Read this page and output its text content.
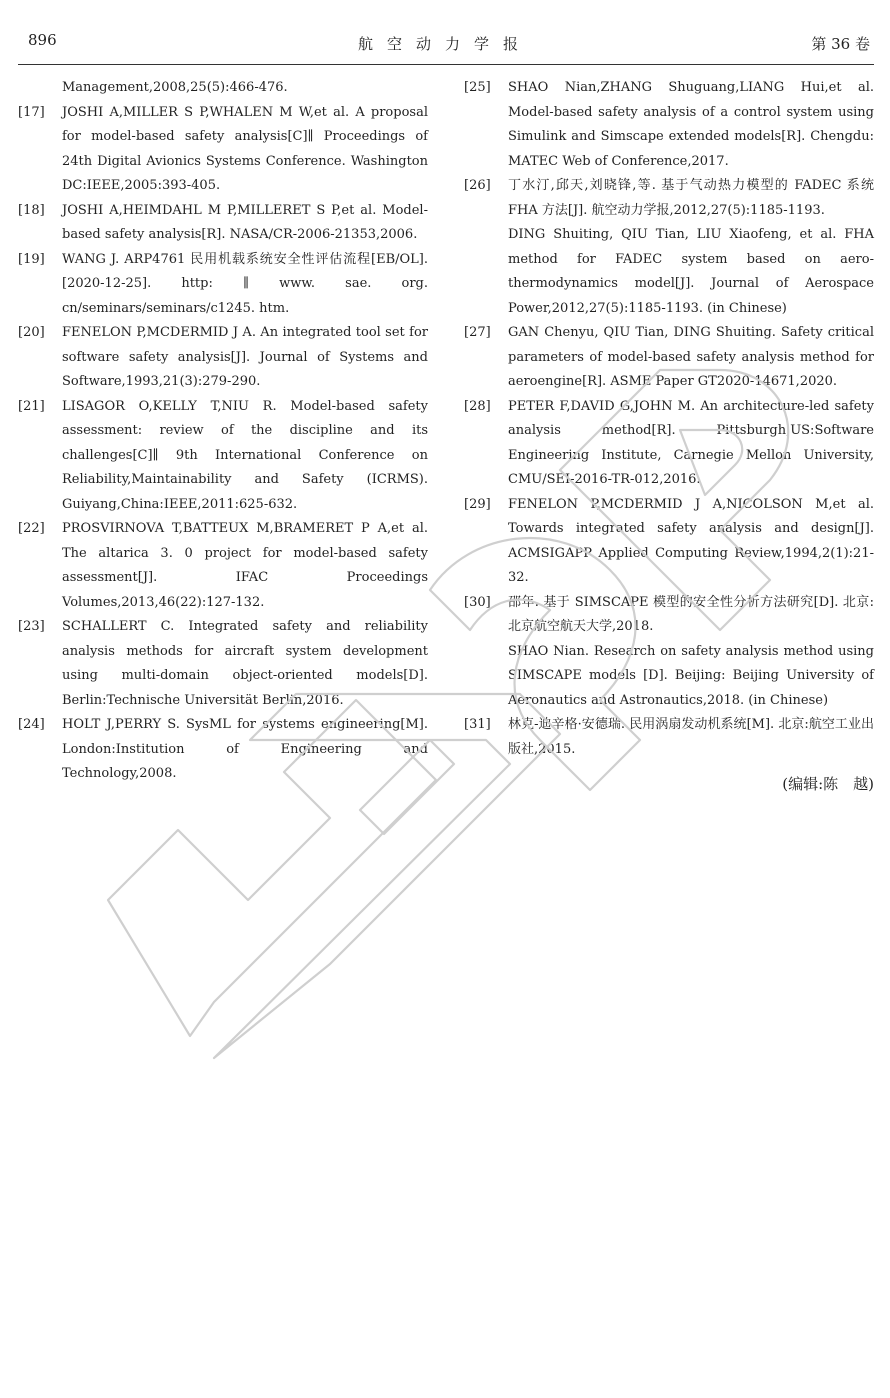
896	航空动力学报	第 36 卷
Management,2008,25(5):466-476.
[17] JOSHI A,MILLER S P,WHALEN M W,et al. A proposal for model-based safety analysis[C]∥ Proceedings of 24th Digital Avionics Systems Conference. Washington DC:IEEE,2005:393-405.
[18] JOSHI A,HEIMDAHL M P,MILLERET S P,et al. Model-based safety analysis[R]. NASA/CR-2006-21353,2006.
[19] WANG J. ARP4761 民用机载系统安全性评估流程[EB/OL]. [2020-12-25]. http: ∥ www. sae. org. cn/seminars/seminars/c1245. htm.
[20] FENELON P,MCDERMID J A. An integrated tool set for software safety analysis[J]. Journal of Systems and Software,1993,21(3):279-290.
[21] LISAGOR O,KELLY T,NIU R. Model-based safety assessment: review of the discipline and its challenges[C]∥ 9th International Conference on Reliability,Maintainability and Safety (ICRMS). Guiyang,China:IEEE,2011:625-632.
[22] PROSVIRNOVA T,BATTEUX M,BRAMERET P A,et al. The altarica 3. 0 project for model-based safety assessment[J]. IFAC Proceedings Volumes,2013,46(22):127-132.
[23] SCHALLERT C. Integrated safety and reliability analysis methods for aircraft system development using multi-domain object-oriented models[D]. Berlin:Technische Universität Berlin,2016.
[24] HOLT J,PERRY S. SysML for systems engineering[M]. London:Institution of Engineering and Technology,2008.
[25] SHAO Nian,ZHANG Shuguang,LIANG Hui,et al. Model-based safety analysis of a control system using Simulink and Simscape extended models[R]. Chengdu: MATEC Web of Conference,2017.
[26] 丁水汀,邱天,刘晓锋,等. 基于气动热力模型的 FADEC 系统 FHA 方法[J]. 航空动力学报,2012,27(5):1185-1193.
DING Shuiting, QIU Tian, LIU Xiaofeng, et al. FHA method for FADEC system based on aero-thermodynamics model[J]. Journal of Aerospace Power,2012,27(5):1185-1193. (in Chinese)
[27] GAN Chenyu, QIU Tian, DING Shuiting. Safety critical parameters of model-based safety analysis method for aeroengine[R]. ASME Paper GT2020-14671,2020.
[28] PETER F,DAVID G,JOHN M. An architecture-led safety analysis method[R]. Pittsburgh,US:Software Engineering Institute, Carnegie Mellon University, CMU/SEI-2016-TR-012,2016.
[29] FENELON P,MCDERMID J A,NICOLSON M,et al. Towards integrated safety analysis and design[J]. ACMSIGAPP Applied Computing Review,1994,2(1):21-32.
[30] 邵年. 基于 SIMSCAPE 模型的安全性分析方法研究[D]. 北京:北京航空航天大学,2018.
SHAO Nian. Research on safety analysis method using SIMSCAPE models [D]. Beijing: Beijing University of Aeronautics and Astronautics,2018. (in Chinese)
[31] 林克-迪辛格·安德瑞. 民用涡扇发动机系统[M]. 北京:航空工业出版社,2015.
(编辑:陈　越)
